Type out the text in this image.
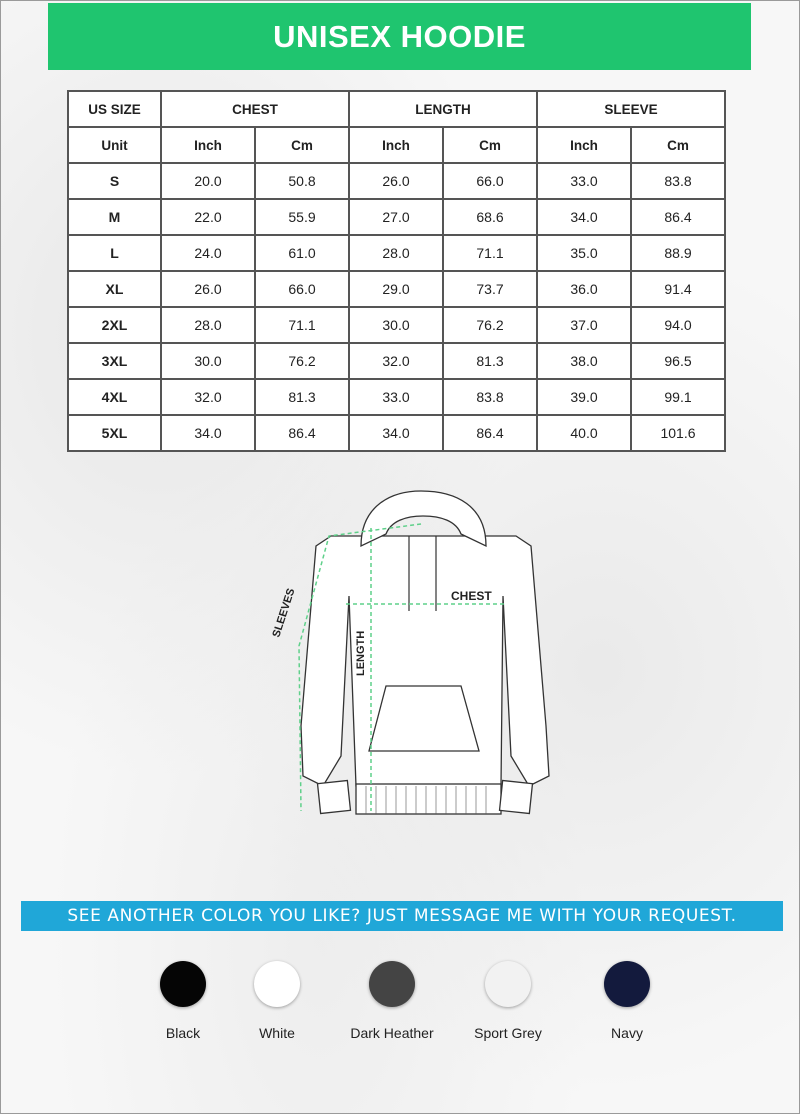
UNISEX HOODIE
US SIZE	CHEST		LENGTH		SLEEVE	
Unit	Inch	Cm	Inch	Cm	Inch	Cm
S	20.0	50.8	26.0	66.0	33.0	83.8
M	22.0	55.9	27.0	68.6	34.0	86.4
L	24.0	61.0	28.0	71.1	35.0	88.9
XL	26.0	66.0	29.0	73.7	36.0	91.4
2XL	28.0	71.1	30.0	76.2	37.0	94.0
3XL	30.0	76.2	32.0	81.3	38.0	96.5
4XL	32.0	81.3	33.0	83.8	39.0	99.1
5XL	34.0	86.4	34.0	86.4	40.0	101.6
CHEST
LENGTH
SLEEVES
SEE ANOTHER COLOR YOU LIKE? JUST MESSAGE ME WITH YOUR REQUEST.
Black	White	Dark Heather	Sport Grey	Navy
